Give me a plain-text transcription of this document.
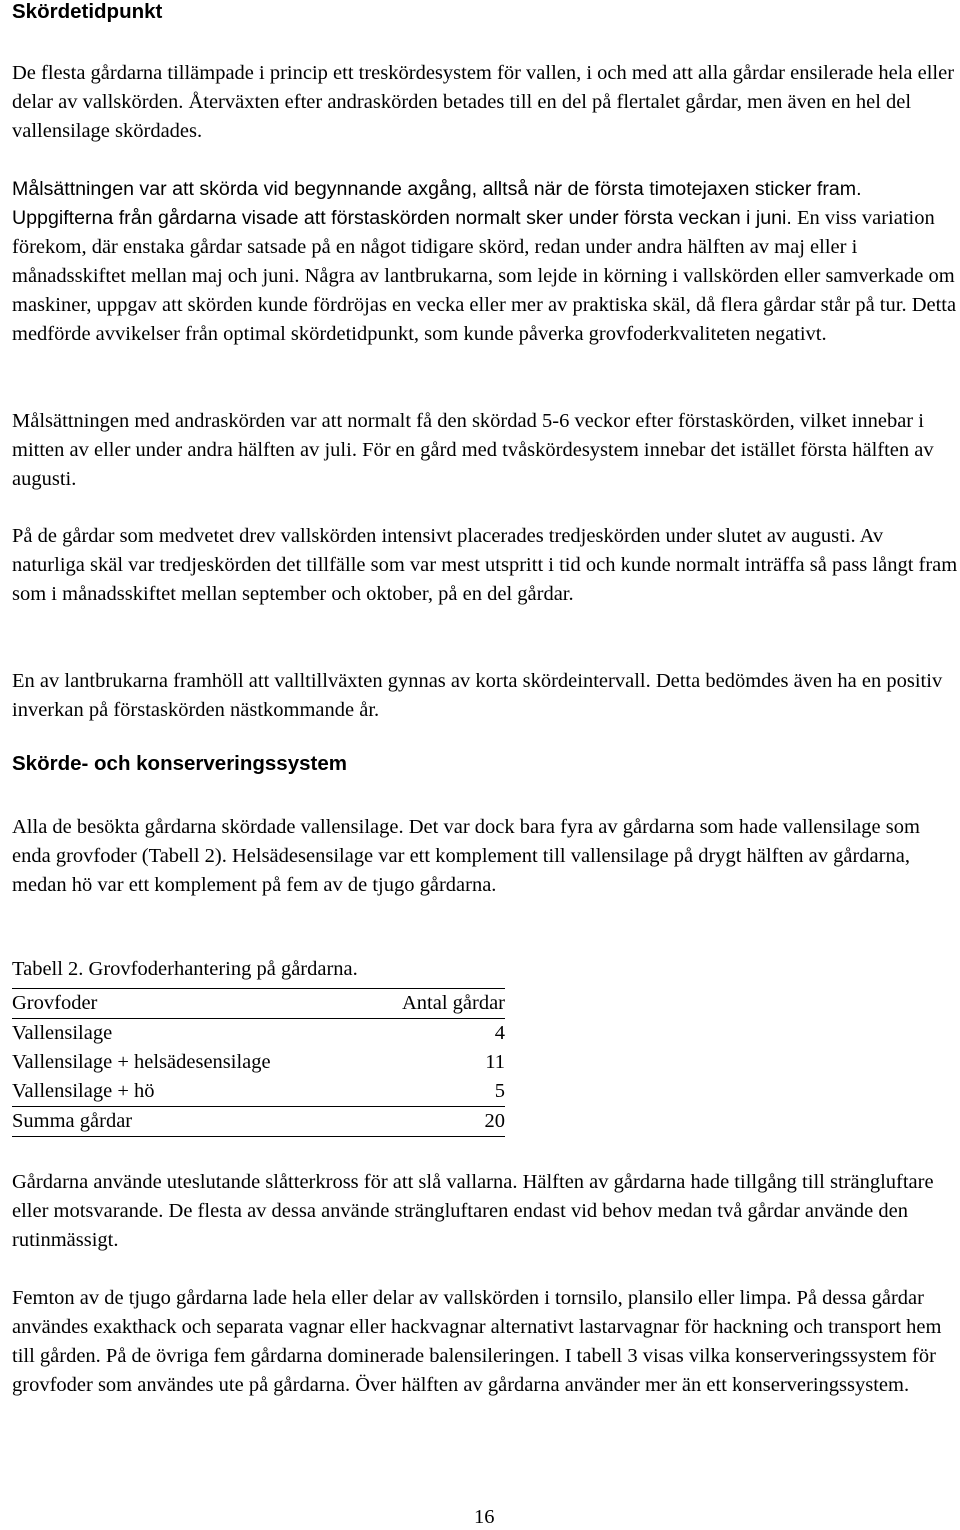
Skördetidpunkt

De flesta gårdarna tillämpade i princip ett treskördesystem för vallen, i och med att alla gårdar ensilerade hela eller delar av vallskörden. Återväxten efter andraskörden betades till en del på flertalet gårdar, men även en hel del vallensilage skördades.

Målsättningen var att skörda vid begynnande axgång, alltså när de första timotejaxen sticker fram. Uppgifterna från gårdarna visade att förstaskörden normalt sker under första veckan i juni. En viss variation förekom, där enstaka gårdar satsade på en något tidigare skörd, redan under andra hälften av maj eller i månadsskiftet mellan maj och juni. Några av lantbrukarna, som lejde in körning i vallskörden eller samverkade om maskiner, uppgav att skörden kunde fördröjas en vecka eller mer av praktiska skäl, då flera gårdar står på tur. Detta medförde avvikelser från optimal skördetidpunkt, som kunde påverka grovfoderkvaliteten negativt.

Målsättningen med andraskörden var att normalt få den skördad 5-6 veckor efter förstaskörden, vilket innebar i mitten av eller under andra hälften av juli. För en gård med tvåskördesystem innebar det istället första hälften av augusti.

På de gårdar som medvetet drev vallskörden intensivt placerades tredjeskörden under slutet av augusti. Av naturliga skäl var tredjeskörden det tillfälle som var mest utspritt i tid och kunde normalt inträffa så pass långt fram som i månadsskiftet mellan september och oktober, på en del gårdar.

En av lantbrukarna framhöll att valltillväxten gynnas av korta skördeintervall. Detta bedömdes även ha en positiv inverkan på förstaskörden nästkommande år.

Skörde- och konserveringssystem

Alla de besökta gårdarna skördade vallensilage. Det var dock bara fyra av gårdarna som hade vallensilage som enda grovfoder (Tabell 2). Helsädesensilage var ett komplement till vallensilage på drygt hälften av gårdarna, medan hö var ett komplement på fem av de tjugo gårdarna.

Tabell 2. Grovfoderhantering på gårdarna.

Grovfoder	Antal gårdar
Vallensilage	4
Vallensilage + helsädesensilage	11
Vallensilage + hö	5
Summa gårdar	20

Gårdarna använde uteslutande slåtterkross för att slå vallarna. Hälften av gårdarna hade tillgång till strängluftare eller motsvarande. De flesta av dessa använde strängluftaren endast vid behov medan två gårdar använde den rutinmässigt.

Femton av de tjugo gårdarna lade hela eller delar av vallskörden i tornsilo, plansilo eller limpa. På dessa gårdar användes exakthack och separata vagnar eller hackvagnar alternativt lastarvagnar för hackning och transport hem till gården. På de övriga fem gårdarna dominerade balensileringen. I tabell 3 visas vilka konserveringssystem för grovfoder som användes ute på gårdarna. Över hälften av gårdarna använder mer än ett konserveringssystem.

16
